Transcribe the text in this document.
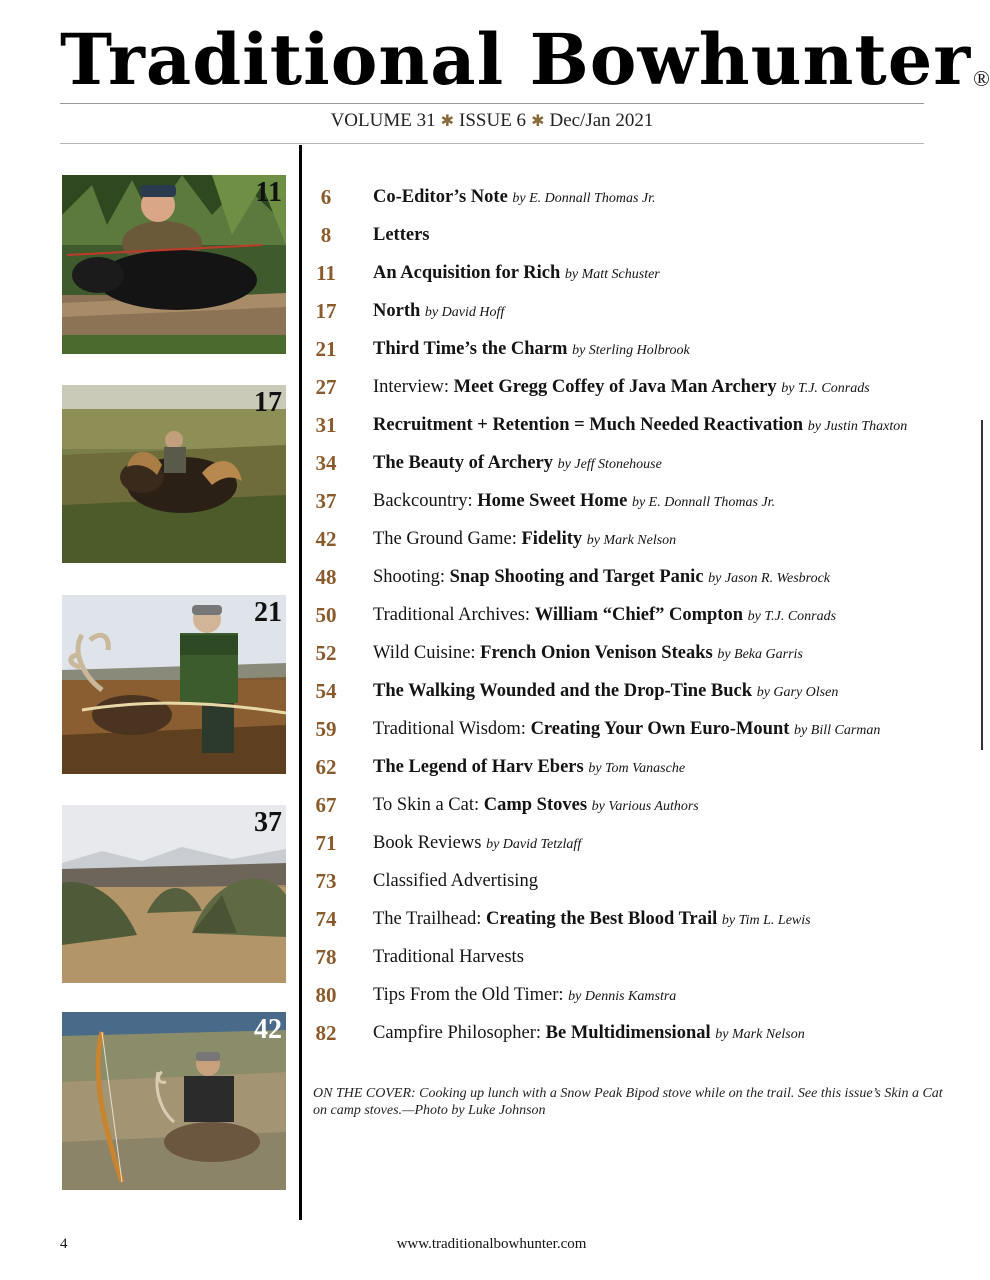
Traditional Bowhunter®
VOLUME 31 ✱ ISSUE 6 ✱ Dec/Jan 2021
11
17
21
37
42
6	Co-Editor’s Note by E. Donnall Thomas Jr.
8	Letters
11 An Acquisition for Rich by Matt Schuster
17 North by David Hoff
21 Third Time’s the Charm by Sterling Holbrook
27 Interview: Meet Gregg Coffey of Java Man Archery by T.J. Conrads
31 Recruitment + Retention = Much Needed Reactivation by Justin Thaxton
34 The Beauty of Archery by Jeff Stonehouse
37 Backcountry: Home Sweet Home by E. Donnall Thomas Jr.
42 The Ground Game: Fidelity by Mark Nelson
48 Shooting: Snap Shooting and Target Panic by Jason R. Wesbrock
50 Traditional Archives: William “Chief” Compton by T.J. Conrads
52 Wild Cuisine: French Onion Venison Steaks by Beka Garris
54 The Walking Wounded and the Drop-Tine Buck by Gary Olsen
59 Traditional Wisdom: Creating Your Own Euro-Mount by Bill Carman
62 The Legend of Harv Ebers by Tom Vanasche
67 To Skin a Cat: Camp Stoves by Various Authors
71 Book Reviews by David Tetzlaff
73 Classified Advertising
74 The Trailhead: Creating the Best Blood Trail by Tim L. Lewis
78 Traditional Harvests
80 Tips From the Old Timer: by Dennis Kamstra
82 Campfire Philosopher: Be Multidimensional by Mark Nelson
ON THE COVER: Cooking up lunch with a Snow Peak Bipod stove while on the trail. See this issue’s Skin a Cat on camp stoves.—Photo by Luke Johnson
4	www.traditionalbowhunter.com
